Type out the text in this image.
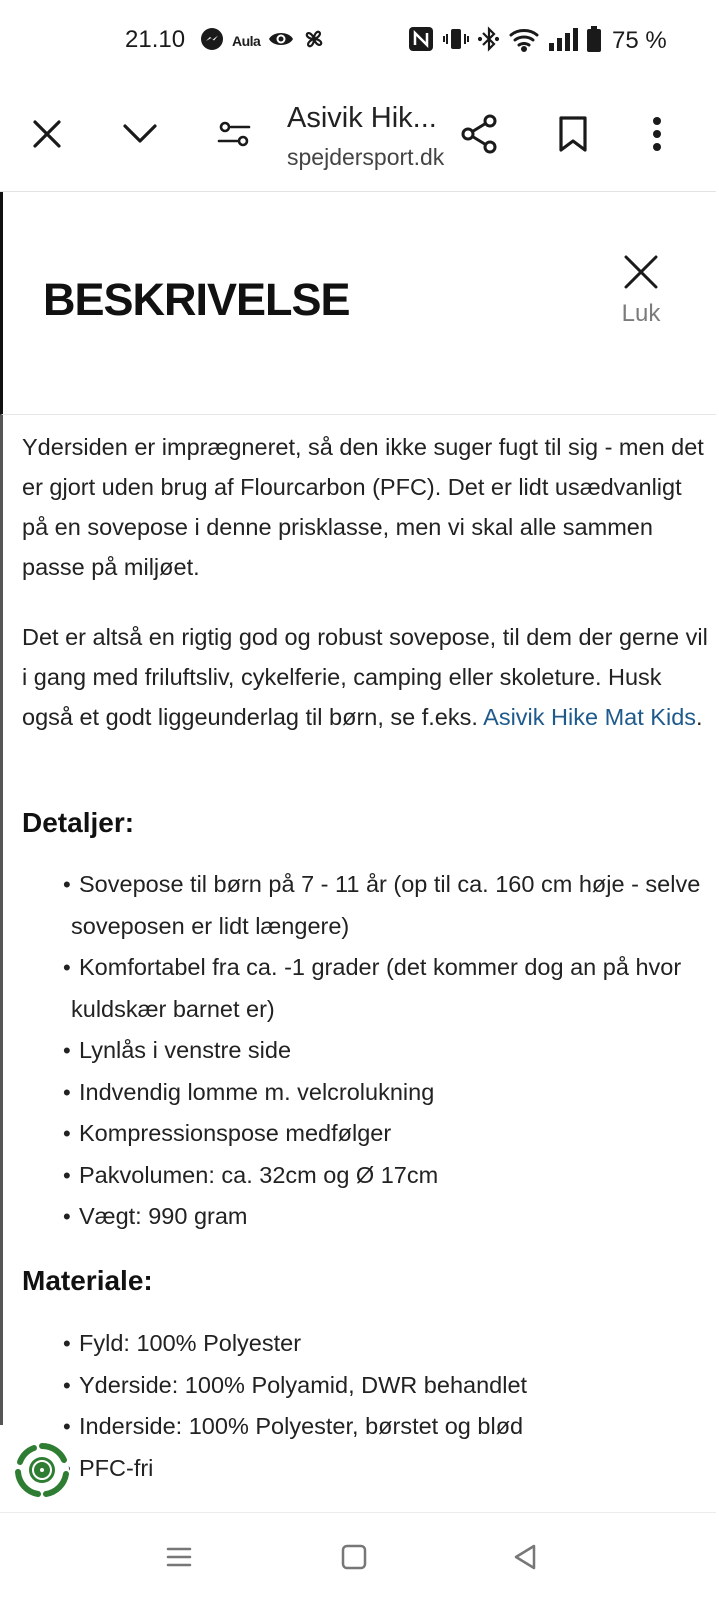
21.10	Aula	75 %
Asivik Hik...
spejdersport.dk
BESKRIVELSE	Luk

Ydersiden er imprægneret, så den ikke suger fugt til sig - men det er gjort uden brug af Flourcarbon (PFC). Det er lidt usædvanligt på en sovepose i denne prisklasse, men vi skal alle sammen passe på miljøet.

Det er altså en rigtig god og robust sovepose, til dem der gerne vil i gang med friluftsliv, cykelferie, camping eller skoleture. Husk også et godt liggeunderlag til børn, se f.eks. Asivik Hike Mat Kids.

Detaljer:
• Sovepose til børn på 7 - 11 år (op til ca. 160 cm høje - selve soveposen er lidt længere)
• Komfortabel fra ca. -1 grader (det kommer dog an på hvor kuldskær barnet er)
• Lynlås i venstre side
• Indvendig lomme m. velcrolukning
• Kompressionspose medfølger
• Pakvolumen: ca. 32cm og Ø 17cm
• Vægt: 990 gram
Materiale:
• Fyld: 100% Polyester
• Yderside: 100% Polyamid, DWR behandlet
• Inderside: 100% Polyester, børstet og blød
• PFC-fri
